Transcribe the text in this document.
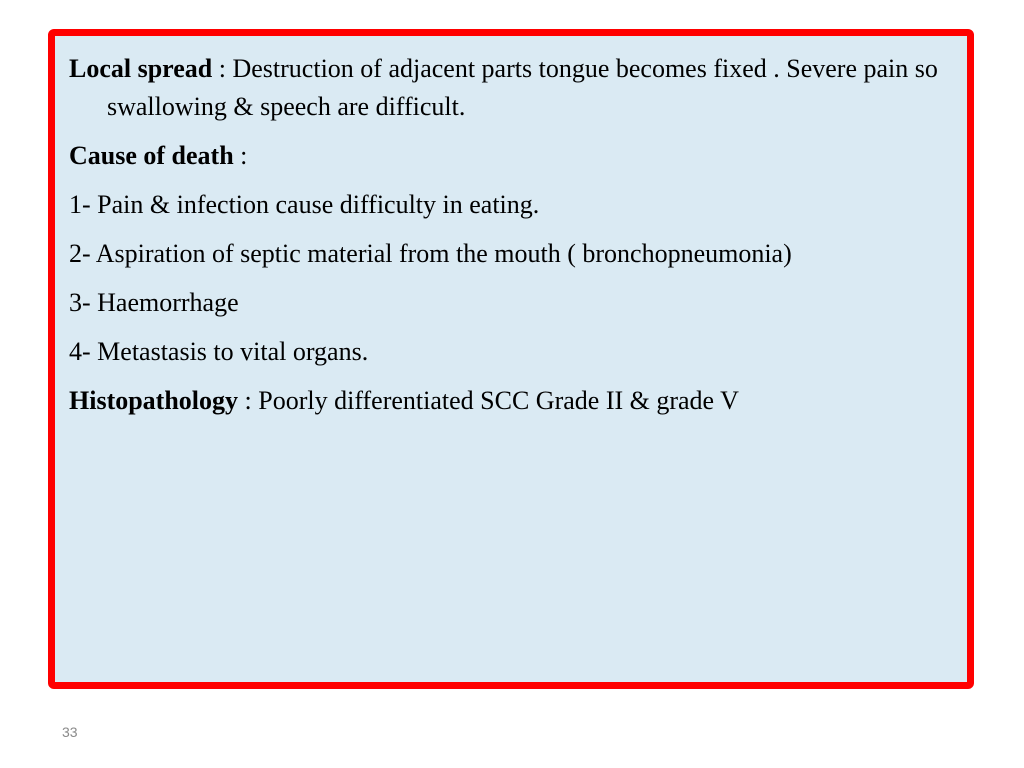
Local spread : Destruction of adjacent parts tongue becomes fixed . Severe pain so swallowing & speech are difficult.

Cause of death :

1- Pain & infection cause difficulty in eating.

2- Aspiration of septic material from the mouth ( bronchopneumonia)

3- Haemorrhage

4- Metastasis to vital organs.

Histopathology : Poorly differentiated SCC Grade II & grade V

33
